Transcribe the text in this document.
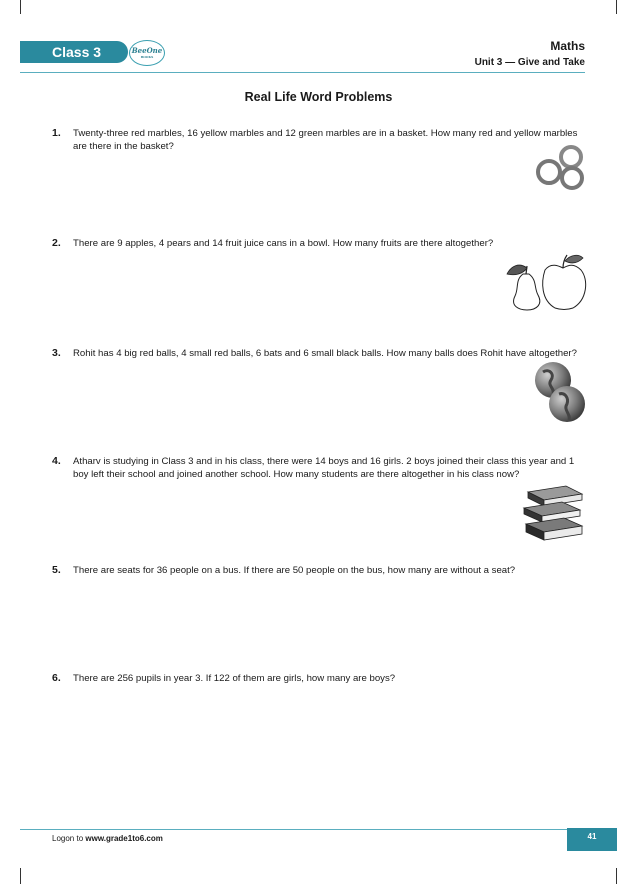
Class 3	BeeOne
BOOKS
Maths
Unit 3 — Give and Take
Real Life Word Problems
1. Twenty-three red marbles, 16 yellow marbles and 12 green marbles are in a basket. How many red and yellow marbles are there in the basket?
2. There are 9 apples, 4 pears and 14 fruit juice cans in a bowl. How many fruits are there altogether?
3. Rohit has 4 big red balls, 4 small red balls, 6 bats and 6 small black balls. How many balls does Rohit have altogether?
4. Atharv is studying in Class 3 and in his class, there were 14 boys and 16 girls. 2 boys joined their class this year and 1 boy left their school and joined another school. How many students are there altogether in his class now?
5. There are seats for 36 people on a bus. If there are 50 people on the bus, how many are without a seat?
6. There are 256 pupils in year 3. If 122 of them are girls, how many are boys?
Logon to www.grade1to6.com	41
